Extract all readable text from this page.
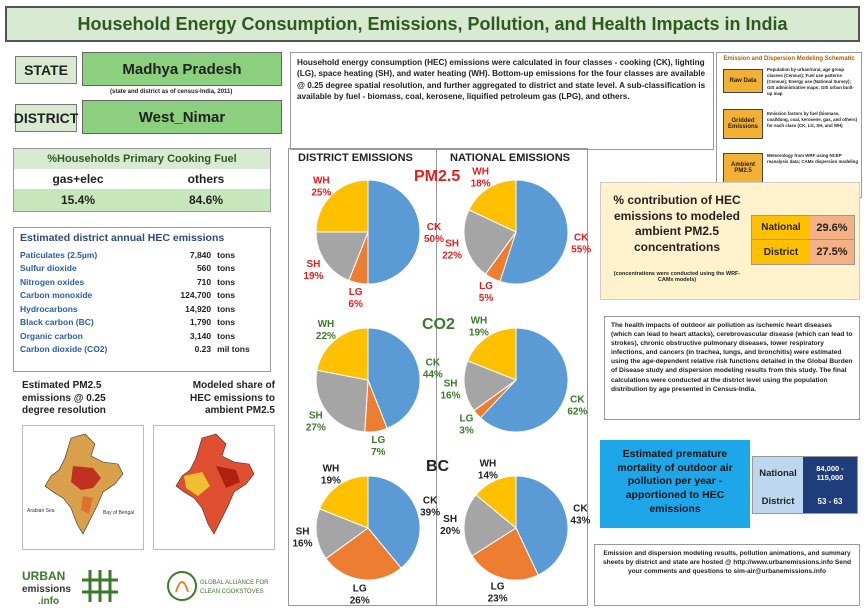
Household Energy Consumption, Emissions, Pollution, and Health Impacts in India
STATE	Madhya Pradesh
(state and district as of census-India, 2011)
DISTRICT	West_Nimar
Household energy consumption (HEC) emissions were calculated in four classes - cooking (CK), lighting (LG), space heating (SH), and water heating (WH). Bottom-up emissions for the four classes are available @ 0.25 degree spatial resolution, and further aggregated to district and state level. A sub-classification is available by fuel - biomass, coal, kerosene, liquified petroleum gas (LPG), and others.
%Households Primary Cooking Fuel
gas+elec	others
15.4%	84.6%
Estimated district annual HEC emissions
Paticulates (2.5µm)	7,840 tons
Sulfur dioxide	560 tons
Nitrogen oxides	710 tons
Carbon monoxide	124,700 tons
Hydrocarbons	14,920 tons
Black carbon (BC)	1,790 tons
Organic carbon	3,140 tons
Carbon dioxide (CO2)	0.23 mil tons
Estimated PM2.5 emissions @ 0.25 degree resolution
Modeled share of HEC emissions to ambient PM2.5
Arabian Sea	Bay of Bengal
URBAN
emissions
.info
GLOBAL ALLIANCE FOR
CLEAN COOKSTOVES
DISTRICT EMISSIONS	NATIONAL EMISSIONS
PM2.5
CO2
BC
CK
50%
LG
6%
SH
19%
WH
25%
CK
55%
LG
5%
SH
22%
WH
18%
CK
44%
LG
7%
SH
27%
WH
22%
CK
62%
LG
3%
SH
16%
WH
19%
CK
39%
LG
26%
SH
16%
WH
19%
CK
43%
LG
23%
SH
20%
WH
14%
Emission and Dispersion Modeling Schematic
Raw Data
Gridded Emissions
Ambient PM2.5
Population by urban/rural, age group classes (Census); Fuel use patterns (Census); Energy use (National Survey); GIS administrative maps; GIS urban built-up map
Emission factors by fuel (biomass, coal/dung, coal, kerosene, gas, and others) for each class (CK, LG, SH, and WH)
Meteorology from WRF using NCEP reanalysis data; CAMx dispersion modeling
% contribution of HEC emissions to modeled ambient PM2.5 concentrations
(concentrations were conducted using the WRF-CAMx models)
National	29.6%
District	27.5%
The health impacts of outdoor air pollution as ischemic heart diseases (which can lead to heart attacks), cerebrovascular disease (which can lead to strokes), chronic obstructive pulmonary diseases, lower respiratory infections, and cancers (in trachea, lungs, and bronchitis) were estimated using the age-dependent relative risk functions detailed in the Global Burden of Disease study and dispersion modeling results from this study. The final calculations were conducted at the district level using the population distribution by age presented in Census-India.
Estimated premature mortality of outdoor air pollution per year - apportioned to HEC emissions
National	84,000 - 115,000
District	53 - 63
Emission and dispersion modeling results, pollution animations, and summary sheets by district and state are hosted @ http://www.urbanemissions.info Send your comments and questions to sim-air@urbanemissions.info
